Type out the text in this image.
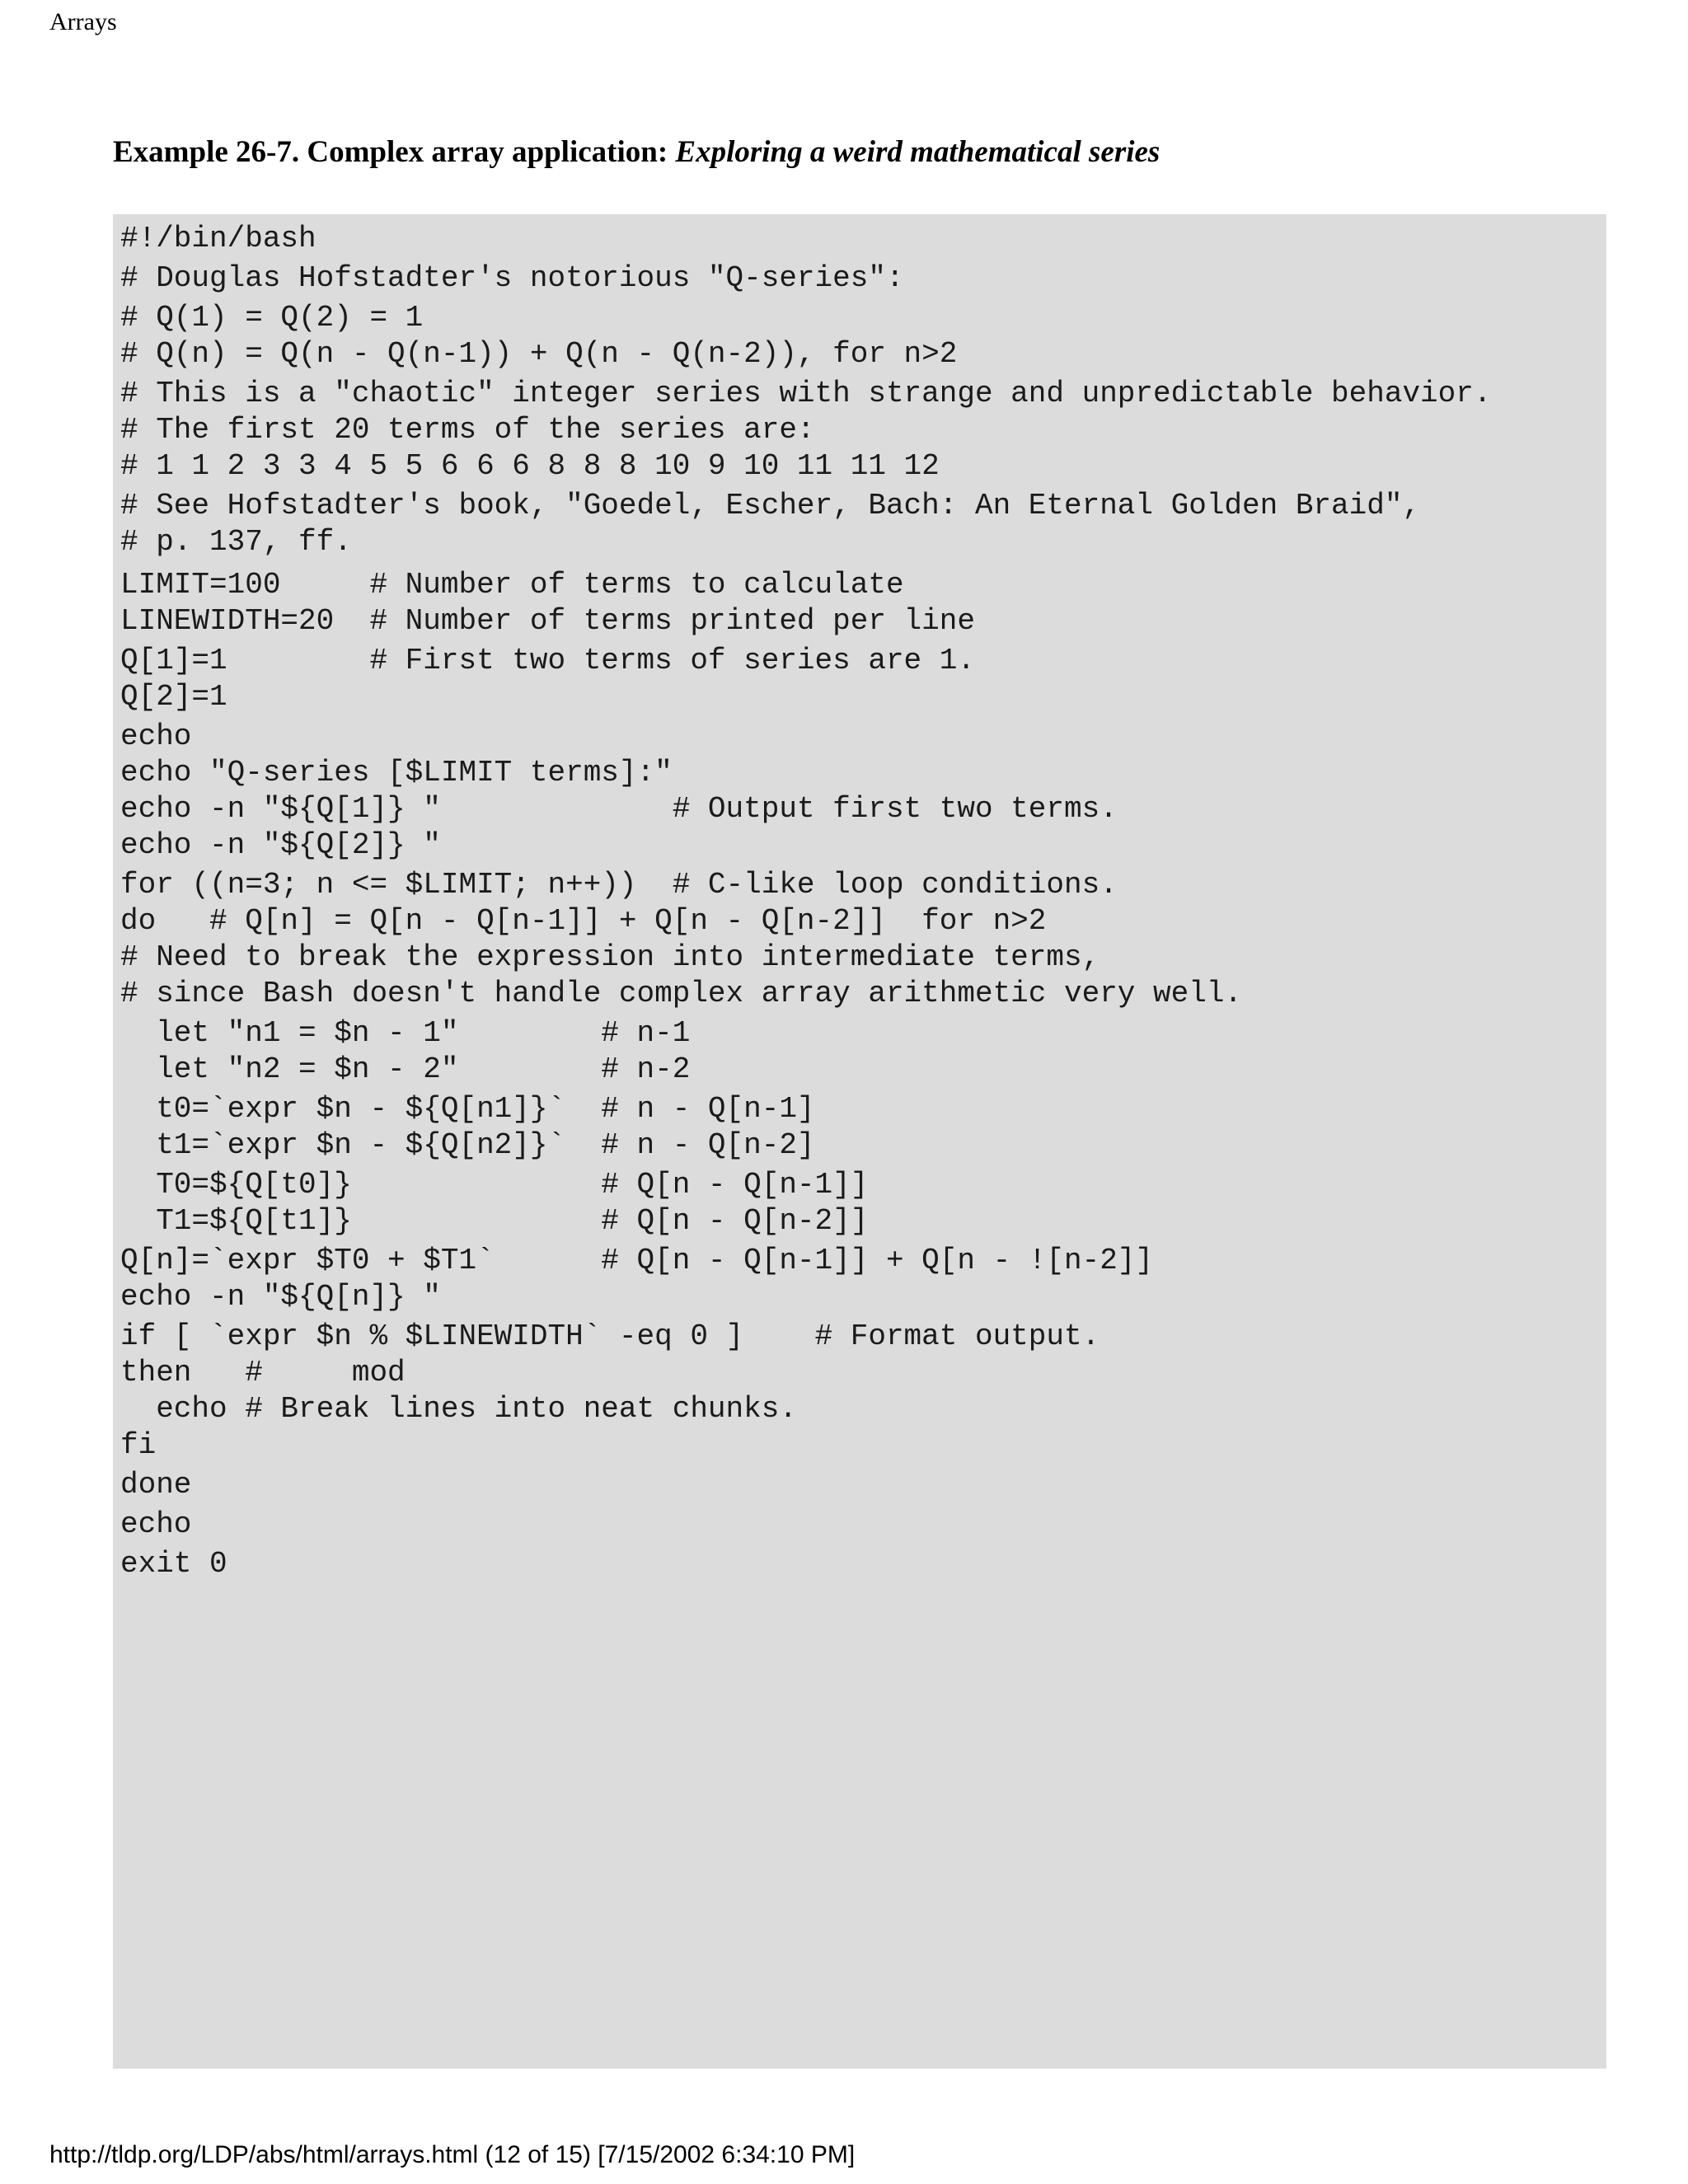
Arrays
Example 26-7. Complex array application: Exploring a weird mathematical series
#!/bin/bash
# Douglas Hofstadter's notorious "Q-series":
# Q(1) = Q(2) = 1
# Q(n) = Q(n - Q(n-1)) + Q(n - Q(n-2)), for n>2
# This is a "chaotic" integer series with strange and unpredictable behavior.
# The first 20 terms of the series are:
# 1 1 2 3 3 4 5 5 6 6 6 8 8 8 10 9 10 11 11 12
# See Hofstadter's book, "Goedel, Escher, Bach: An Eternal Golden Braid",
# p. 137, ff.
LIMIT=100     # Number of terms to calculate
LINEWIDTH=20  # Number of terms printed per line
Q[1]=1        # First two terms of series are 1.
Q[2]=1
echo
echo "Q-series [$LIMIT terms]:"
echo -n "${Q[1]} "             # Output first two terms.
echo -n "${Q[2]} "
for ((n=3; n <= $LIMIT; n++))  # C-like loop conditions.
do   # Q[n] = Q[n - Q[n-1]] + Q[n - Q[n-2]]  for n>2
# Need to break the expression into intermediate terms,
# since Bash doesn't handle complex array arithmetic very well.
let "n1 = $n - 1"        # n-1
let "n2 = $n - 2"        # n-2
t0=`expr $n - ${Q[n1]}`  # n - Q[n-1]
t1=`expr $n - ${Q[n2]}`  # n - Q[n-2]
T0=${Q[t0]}              # Q[n - Q[n-1]]
T1=${Q[t1]}              # Q[n - Q[n-2]]
Q[n]=`expr $T0 + $T1`      # Q[n - Q[n-1]] + Q[n - ![n-2]]
echo -n "${Q[n]} "
if [ `expr $n % $LINEWIDTH` -eq 0 ]    # Format output.
then   #     mod
echo # Break lines into neat chunks.
fi
done
echo
exit 0
http://tldp.org/LDP/abs/html/arrays.html (12 of 15) [7/15/2002 6:34:10 PM]
